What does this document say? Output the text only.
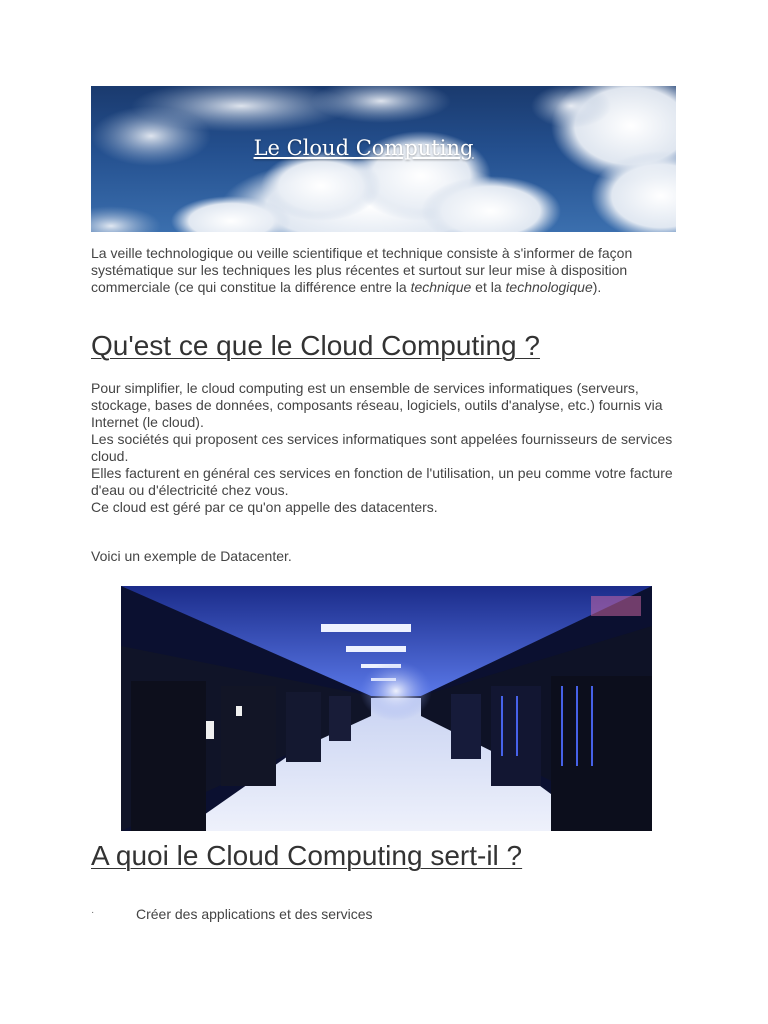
Le Cloud Computing
La veille technologique ou veille scientifique et technique consiste à s'informer de façon systématique sur les techniques les plus récentes et surtout sur leur mise à disposition commerciale (ce qui constitue la différence entre la technique et la technologique).
Qu'est ce que le Cloud Computing ?

Pour simplifier, le cloud computing est un ensemble de services informatiques (serveurs, stockage, bases de données, composants réseau, logiciels, outils d'analyse, etc.) fournis via Internet (le cloud).

Les sociétés qui proposent ces services informatiques sont appelées fournisseurs de services cloud.

Elles facturent en général ces services en fonction de l'utilisation, un peu comme votre facture d'eau ou d'électricité chez vous.

Ce cloud est géré par ce qu'on appelle des datacenters.

Voici un exemple de Datacenter.
A quoi le Cloud Computing sert-il ?
·	Créer des applications et des services
